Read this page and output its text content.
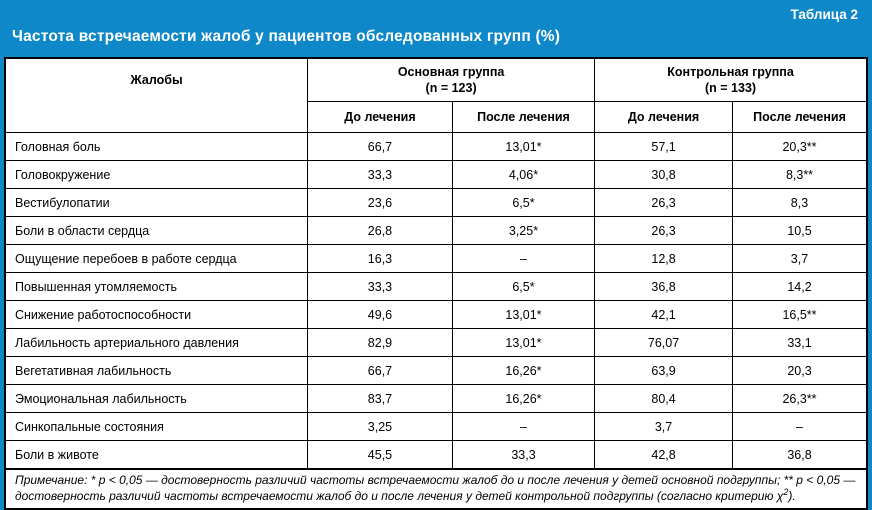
Таблица 2
Частота встречаемости жалоб у пациентов обследованных групп (%)
Жалобы	
Основная группа
(n = 123)

Контрольная группа
(n = 133)

	До лечения	После лечения	До лечения	После лечения
Головная боль	66,7	13,01*	57,1	20,3**
Головокружение	33,3	4,06*	30,8	8,3**
Вестибулопатии	23,6	6,5*	26,3	8,3
Боли в области сердца	26,8	3,25*	26,3	10,5
Ощущение перебоев в работе сердца	16,3	–	12,8	3,7
Повышенная утомляемость	33,3	6,5*	36,8	14,2
Снижение работоспособности	49,6	13,01*	42,1	16,5**
Лабильность артериального давления	82,9	13,01*	76,07	33,1
Вегетативная лабильность	66,7	16,26*	63,9	20,3
Эмоциональная лабильность	83,7	16,26*	80,4	26,3**
Синкопальные состояния	3,25	–	3,7	–
Боли в животе	45,5	33,3	42,8	36,8
Примечание: * p < 0,05 — достоверность различий частоты встречаемости жалоб до и после лечения у детей основной подгруппы; ** p < 0,05 — достоверность различий частоты встречаемости жалоб до и после лечения у детей контрольной подгруппы (согласно критерию $\chi^2$).
